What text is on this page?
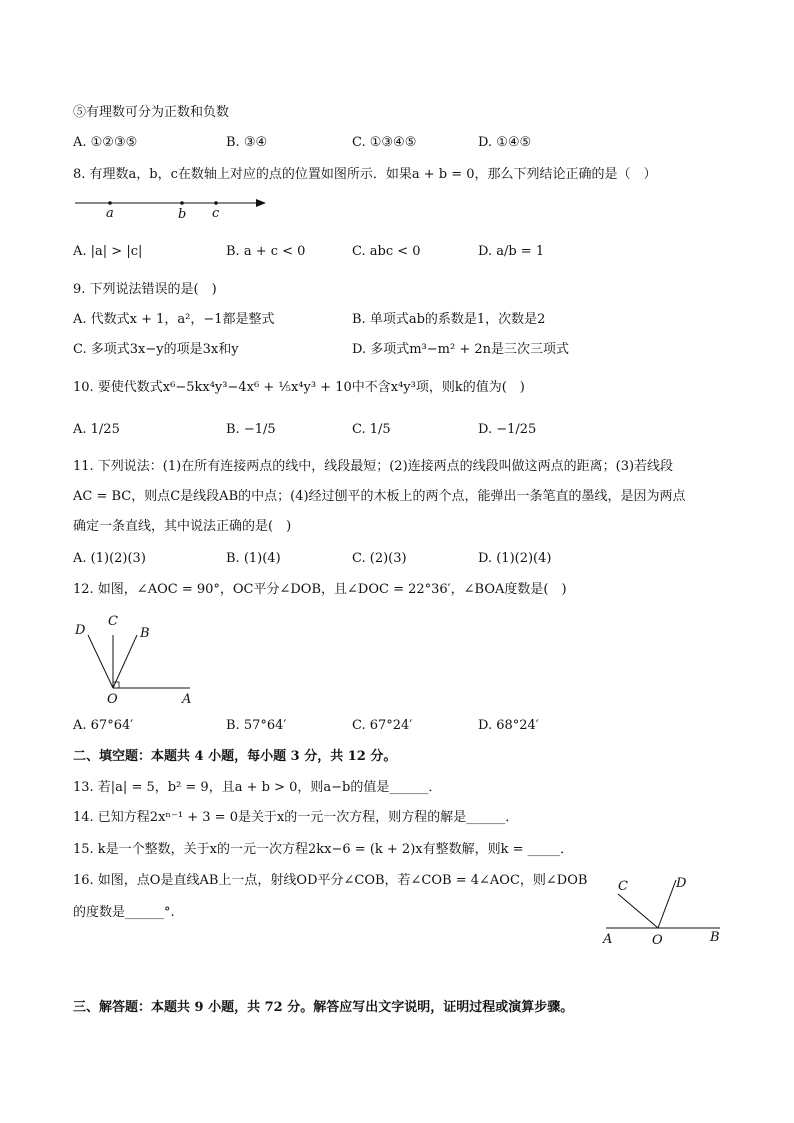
⑤有理数可分为正数和负数
A. ①②③⑤	B. ③④	C. ①③④⑤	D. ①④⑤
8. 有理数a，b，c在数轴上对应的点的位置如图所示．如果a + b = 0，那么下列结论正确的是（　）
a	b c
A. |a| > |c|	B. a + c < 0	C. abc < 0	D. a/b = 1
9. 下列说法错误的是(　)
A. 代数式x + 1，a²，−1都是整式	B. 单项式ab的系数是1，次数是2
C. 多项式3x−y的项是3x和y	D. 多项式m³−m² + 2n是三次三项式
10. 要使代数式x⁶−5kx⁴y³−4x⁶ + ¹⁄₅x⁴y³ + 10中不含x⁴y³项，则k的值为(　)
A. 1/25	B. −1/5	C. 1/5	D. −1/25
11. 下列说法：(1)在所有连接两点的线中，线段最短；(2)连接两点的线段叫做这两点的距离；(3)若线段
AC = BC，则点C是线段AB的中点；(4)经过刨平的木板上的两个点，能弹出一条笔直的墨线，是因为两点
确定一条直线，其中说法正确的是(　)
A. (1)(2)(3)	B. (1)(4)	C. (2)(3)	D. (1)(2)(4)
12. 如图，∠AOC = 90°，OC平分∠DOB，且∠DOC = 22°36′，∠BOA度数是(　)
D
C
B
O	A
A. 67°64′	B. 57°64′	C. 67°24′	D. 68°24′
二、填空题：本题共 4 小题，每小题 3 分，共 12 分。
13. 若|a| = 5，b² = 9，且a + b > 0，则a−b的值是______．
14. 已知方程2xⁿ⁻¹ + 3 = 0是关于x的一元一次方程，则方程的解是______．
15. k是一个整数，关于x的一元一次方程2kx−6 = (k + 2)x有整数解，则k = _____．
16. 如图，点O是直线AB上一点，射线OD平分∠COB，若∠COB = 4∠AOC，则∠DOB
的度数是______°.
C	D
A	O	B
三、解答题：本题共 9 小题，共 72 分。解答应写出文字说明，证明过程或演算步骤。
